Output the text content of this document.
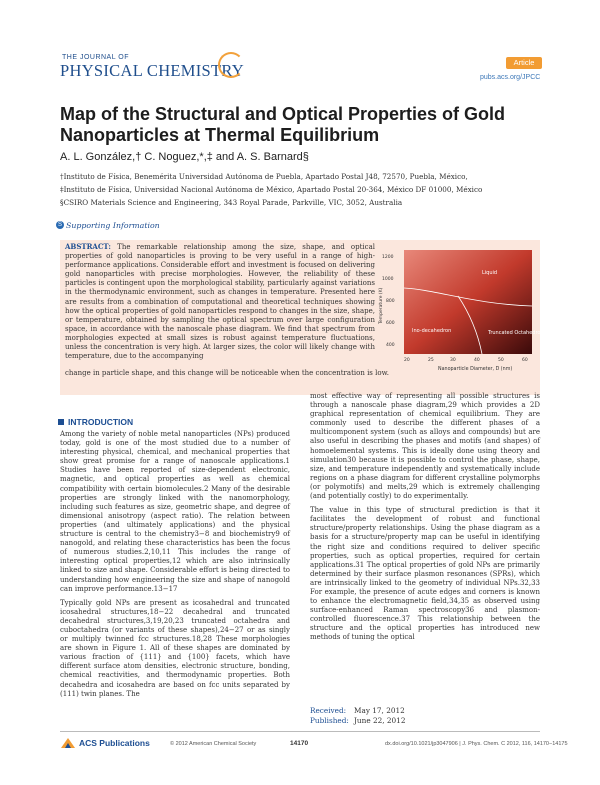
THE JOURNAL OF
PHYSICAL CHEMISTRY	Article
pubs.acs.org/JPCC
Map of the Structural and Optical Properties of Gold Nanoparticles at Thermal Equilibrium
A. L. González,† C. Noguez,*,‡ and A. S. Barnard§
†Instituto de Física, Benemérita Universidad Autónoma de Puebla, Apartado Postal J48, 72570, Puebla, México,
‡Instituto de Física, Universidad Nacional Autónoma de México, Apartado Postal 20-364, México DF 01000, México
§CSIRO Materials Science and Engineering, 343 Royal Parade, Parkville, VIC, 3052, Australia
S Supporting Information
ABSTRACT: The remarkable relationship among the size, shape, and optical properties of gold nanoparticles is proving to be very useful in a range of high-performance applications. Considerable effort and investment is focused on delivering gold nanoparticles with precise morphologies. However, the reliability of these particles is contingent upon the morphological stability, particularly against variations in the thermodynamic environment, such as changes in temperature. Presented here are results from a combination of computational and theoretical techniques showing how the optical properties of gold nanoparticles respond to changes in the size, shape, or temperature, obtained by sampling the optical spectrum over large configuration space, in accordance with the nanoscale phase diagram. We find that spectrum from morphologies expected at small sizes is robust against temperature fluctuations, unless the concentration is very high. At larger sizes, the color will likely change with temperature, due to the accompanying
change in particle shape, and this change will be noticeable when the concentration is low.
Liquid
Ino-decahedron	Truncated Octahedron
1200
1000
800
600
400
Temperature (K)
20	25	30	40	50	60
Nanoparticle Diameter, D (nm)
INTRODUCTION

Among the variety of noble metal nanoparticles (NPs) produced today, gold is one of the most studied due to a number of interesting physical, chemical, and mechanical properties that show great promise for a range of nanoscale applications.1 Studies have been reported of size-dependent electronic, magnetic, and optical properties as well as chemical compatibility with certain biomolecules.2 Many of the desirable properties are strongly linked with the nanomorphology, including such features as size, geometric shape, and degree of dimensional anisotropy (aspect ratio). The relation between properties (and ultimately applications) and the physical structure is central to the chemistry3−8 and biochemistry9 of nanogold, and relating these characteristics has been the focus of numerous studies.2,10,11 This includes the range of interesting optical properties,12 which are also intrinsically linked to size and shape. Considerable effort is being directed to understanding how engineering the size and shape of nanogold can improve performance.13−17

Typically gold NPs are present as icosahedral and truncated icosahedral structures,18−22 decahedral and truncated decahedral structures,3,19,20,23 truncated octahedra and cuboctahedra (or variants of these shapes),24−27 or as singly or multiply twinned fcc structures.18,28 These morphologies are shown in Figure 1. All of these shapes are dominated by various fraction of {111} and {100} facets, which have different surface atom densities, electronic structure, bonding, chemical reactivities, and thermodynamic properties. Both decahedra and icosahedra are based on fcc units separated by (111) twin planes. The

most effective way of representing all possible structures is through a nanoscale phase diagram,29 which provides a 2D graphical representation of chemical equilibrium. They are commonly used to describe the different phases of a multicomponent system (such as alloys and compounds) but are also useful in describing the phases and motifs (and shapes) of homoelemental systems. This is ideally done using theory and simulation30 because it is possible to control the phase, shape, size, and temperature independently and systematically include regions on a phase diagram for different crystalline polymorphs (or polymotifs) and melts,29 which is extremely challenging (and potentially costly) to do experimentally.

The value in this type of structural prediction is that it facilitates the development of robust and functional structure/property relationships. Using the phase diagram as a basis for a structure/property map can be useful in identifying the right size and conditions required to deliver specific properties, such as optical properties, required for certain applications.31 The optical properties of gold NPs are primarily determined by their surface plasmon resonances (SPRs), which are intrinsically linked to the geometry of individual NPs.32,33 For example, the presence of acute edges and corners is known to enhance the electromagnetic field,34,35 as observed using surface-enhanced Raman spectroscopy36 and plasmon-controlled fluorescence.37 This relationship between the structure and the optical properties has introduced new methods of tuning the optical

Received: May 17, 2012
Published: June 22, 2012
ACS Publications	© 2012 American Chemical Society	14170	dx.doi.org/10.1021/jp3047906 | J. Phys. Chem. C 2012, 116, 14170−14175
